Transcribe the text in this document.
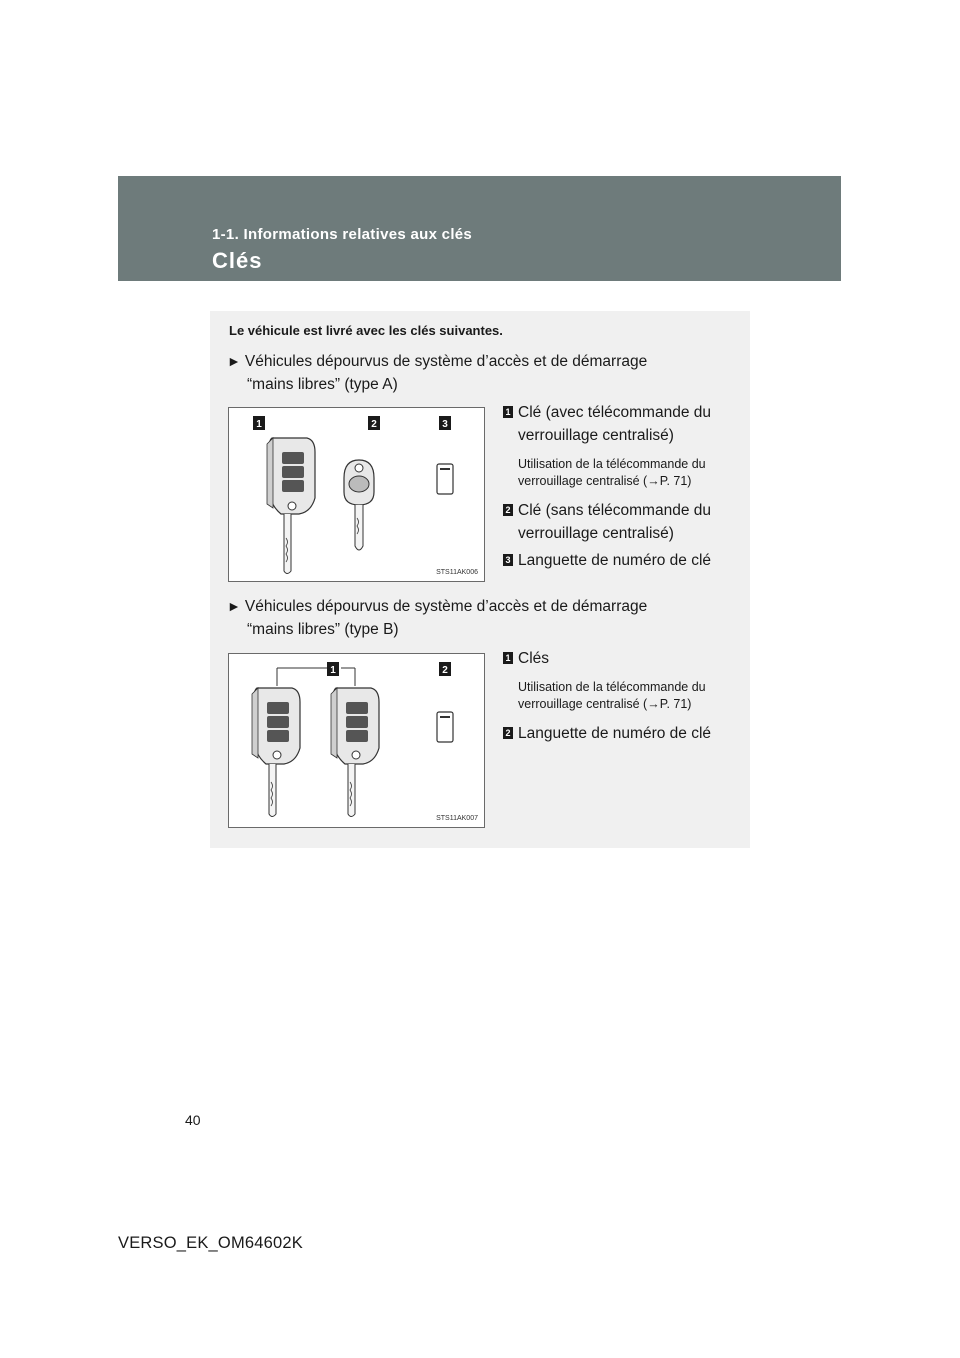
1-1. Informations relatives aux clés
Clés
Le véhicule est livré avec les clés suivantes.
► Véhicules dépourvus de système d’accès et de démarrage
“mains libres” (type A)
1	2	3
STS11AK006
1 Clé (avec télécommande du verrouillage centralisé)
Utilisation de la télécommande du verrouillage centralisé (→P. 71)
2 Clé (sans télécommande du verrouillage centralisé)
3 Languette de numéro de clé
► Véhicules dépourvus de système d’accès et de démarrage
“mains libres” (type B)
1	2
STS11AK007
1 Clés
Utilisation de la télécommande du verrouillage centralisé (→P. 71)
2 Languette de numéro de clé
40
VERSO_EK_OM64602K
